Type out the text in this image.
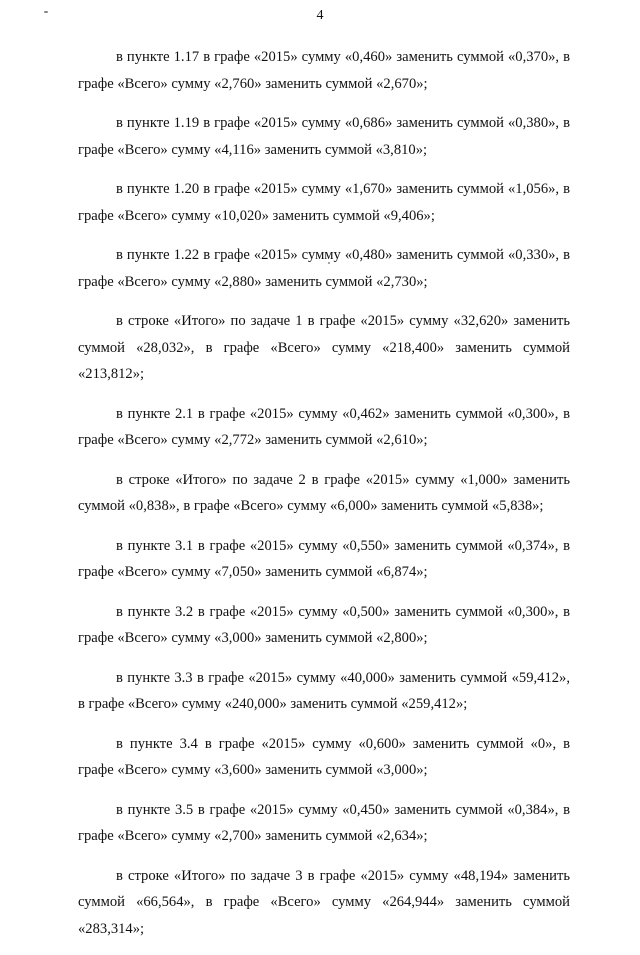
4

в пункте 1.17 в графе «2015» сумму «0,460» заменить суммой «0,370», в графе «Всего» сумму «2,760» заменить суммой «2,670»;

в пункте 1.19 в графе «2015» сумму «0,686» заменить суммой «0,380», в графе «Всего» сумму «4,116» заменить суммой «3,810»;

в пункте 1.20 в графе «2015» сумму «1,670» заменить суммой «1,056», в графе «Всего» сумму «10,020» заменить суммой «9,406»;

в пункте 1.22 в графе «2015» сумму «0,480» заменить суммой «0,330», в графе «Всего» сумму «2,880» заменить суммой «2,730»;

в строке «Итого» по задаче 1 в графе «2015» сумму «32,620» заменить суммой «28,032», в графе «Всего» сумму «218,400» заменить суммой «213,812»;

в пункте 2.1 в графе «2015» сумму «0,462» заменить суммой «0,300», в графе «Всего» сумму «2,772» заменить суммой «2,610»;

в строке «Итого» по задаче 2 в графе «2015» сумму «1,000» заменить суммой «0,838», в графе «Всего» сумму «6,000» заменить суммой «5,838»;

в пункте 3.1 в графе «2015» сумму «0,550» заменить суммой «0,374», в графе «Всего» сумму «7,050» заменить суммой «6,874»;

в пункте 3.2 в графе «2015» сумму «0,500» заменить суммой «0,300», в графе «Всего» сумму «3,000» заменить суммой «2,800»;

в пункте 3.3 в графе «2015» сумму «40,000» заменить суммой «59,412», в графе «Всего» сумму «240,000» заменить суммой «259,412»;

в пункте 3.4 в графе «2015» сумму «0,600» заменить суммой «0», в графе «Всего» сумму «3,600» заменить суммой «3,000»;

в пункте 3.5 в графе «2015» сумму «0,450» заменить суммой «0,384», в графе «Всего» сумму «2,700» заменить суммой «2,634»;

в строке «Итого» по задаче 3 в графе «2015» сумму «48,194» заменить суммой «66,564», в графе «Всего» сумму «264,944» заменить суммой «283,314»;
